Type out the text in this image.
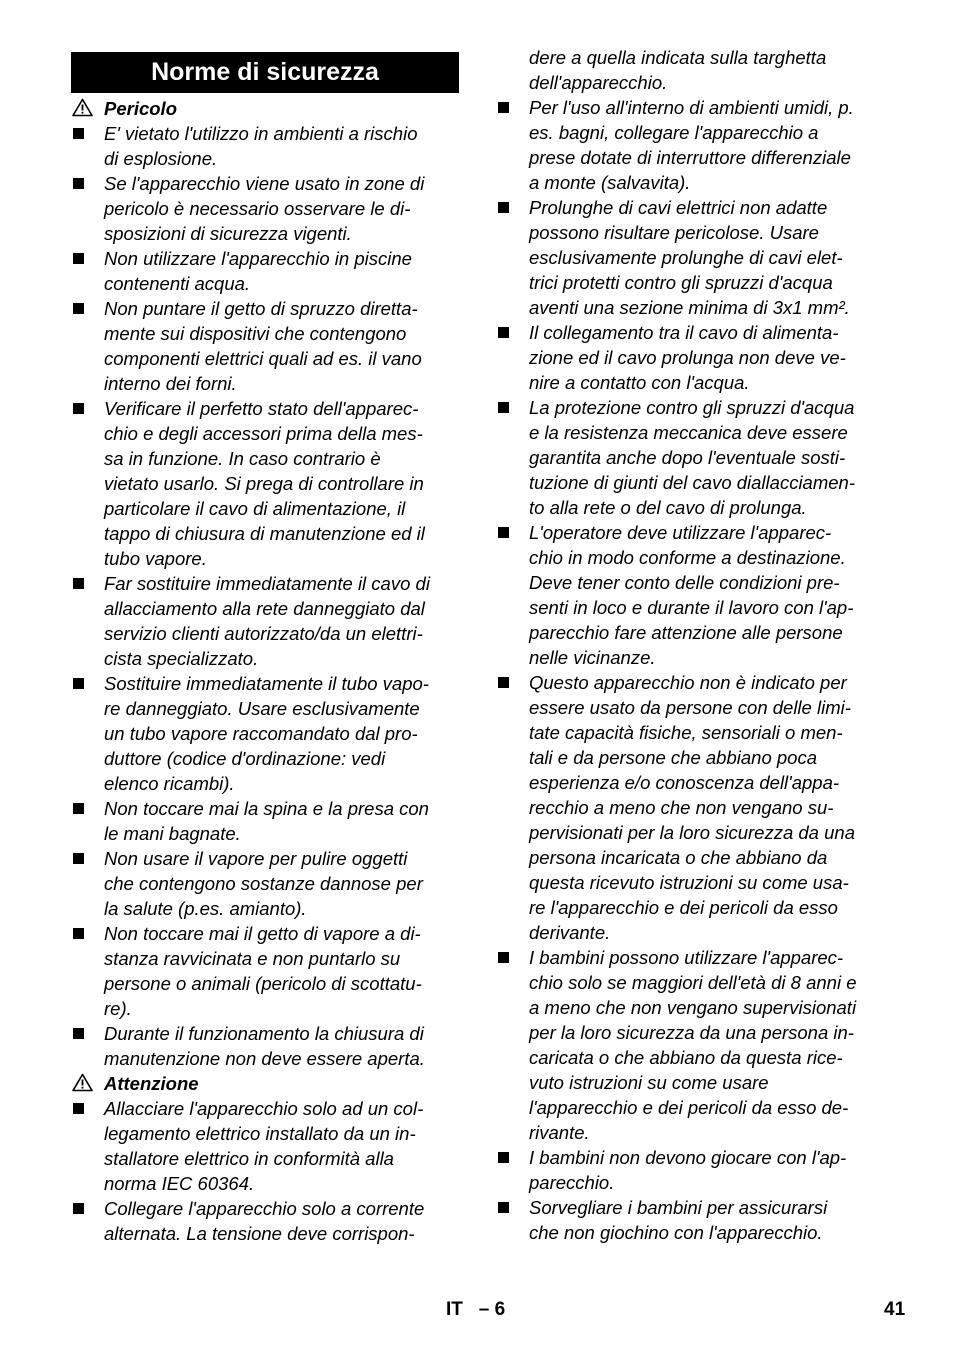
Norme di sicurezza
Pericolo
E' vietato l'utilizzo in ambienti a rischio
di esplosione.
Se l'apparecchio viene usato in zone di
pericolo è necessario osservare le di-
sposizioni di sicurezza vigenti.
Non utilizzare l'apparecchio in piscine
contenenti acqua.
Non puntare il getto di spruzzo diretta-
mente sui dispositivi che contengono
componenti elettrici quali ad es. il vano
interno dei forni.
Verificare il perfetto stato dell'apparec-
chio e degli accessori prima della mes-
sa in funzione. In caso contrario è
vietato usarlo. Si prega di controllare in
particolare il cavo di alimentazione, il
tappo di chiusura di manutenzione ed il
tubo vapore.
Far sostituire immediatamente il cavo di
allacciamento alla rete danneggiato dal
servizio clienti autorizzato/da un elettri-
cista specializzato.
Sostituire immediatamente il tubo vapo-
re danneggiato. Usare esclusivamente
un tubo vapore raccomandato dal pro-
duttore (codice d'ordinazione: vedi
elenco ricambi).
Non toccare mai la spina e la presa con
le mani bagnate.
Non usare il vapore per pulire oggetti
che contengono sostanze dannose per
la salute (p.es. amianto).
Non toccare mai il getto di vapore a di-
stanza ravvicinata e non puntarlo su
persone o animali (pericolo di scottatu-
re).
Durante il funzionamento la chiusura di
manutenzione non deve essere aperta.
Attenzione
Allacciare l'apparecchio solo ad un col-
legamento elettrico installato da un in-
stallatore elettrico in conformità alla
norma IEC 60364.
Collegare l'apparecchio solo a corrente
alternata. La tensione deve corrispon-
dere a quella indicata sulla targhetta
dell'apparecchio.
Per l'uso all'interno di ambienti umidi, p.
es. bagni, collegare l'apparecchio a
prese dotate di interruttore differenziale
a monte (salvavita).
Prolunghe di cavi elettrici non adatte
possono risultare pericolose. Usare
esclusivamente prolunghe di cavi elet-
trici protetti contro gli spruzzi d'acqua
aventi una sezione minima di 3x1 mm².
Il collegamento tra il cavo di alimenta-
zione ed il cavo prolunga non deve ve-
nire a contatto con l'acqua.
La protezione contro gli spruzzi d'acqua
e la resistenza meccanica deve essere
garantita anche dopo l'eventuale sosti-
tuzione di giunti del cavo diallacciamen-
to alla rete o del cavo di prolunga.
L'operatore deve utilizzare l'apparec-
chio in modo conforme a destinazione.
Deve tener conto delle condizioni pre-
senti in loco e durante il lavoro con l'ap-
parecchio fare attenzione alle persone
nelle vicinanze.
Questo apparecchio non è indicato per
essere usato da persone con delle limi-
tate capacità fisiche, sensoriali o men-
tali e da persone che abbiano poca
esperienza e/o conoscenza dell'appa-
recchio a meno che non vengano su-
pervisionati per la loro sicurezza da una
persona incaricata o che abbiano da
questa ricevuto istruzioni su come usa-
re l'apparecchio e dei pericoli da esso
derivante.
I bambini possono utilizzare l'apparec-
chio solo se maggiori dell'età di 8 anni e
a meno che non vengano supervisionati
per la loro sicurezza da una persona in-
caricata o che abbiano da questa rice-
vuto istruzioni su come usare
l'apparecchio e dei pericoli da esso de-
rivante.
I bambini non devono giocare con l'ap-
parecchio.
Sorvegliare i bambini per assicurarsi
che non giochino con l'apparecchio.
IT   – 6	41
